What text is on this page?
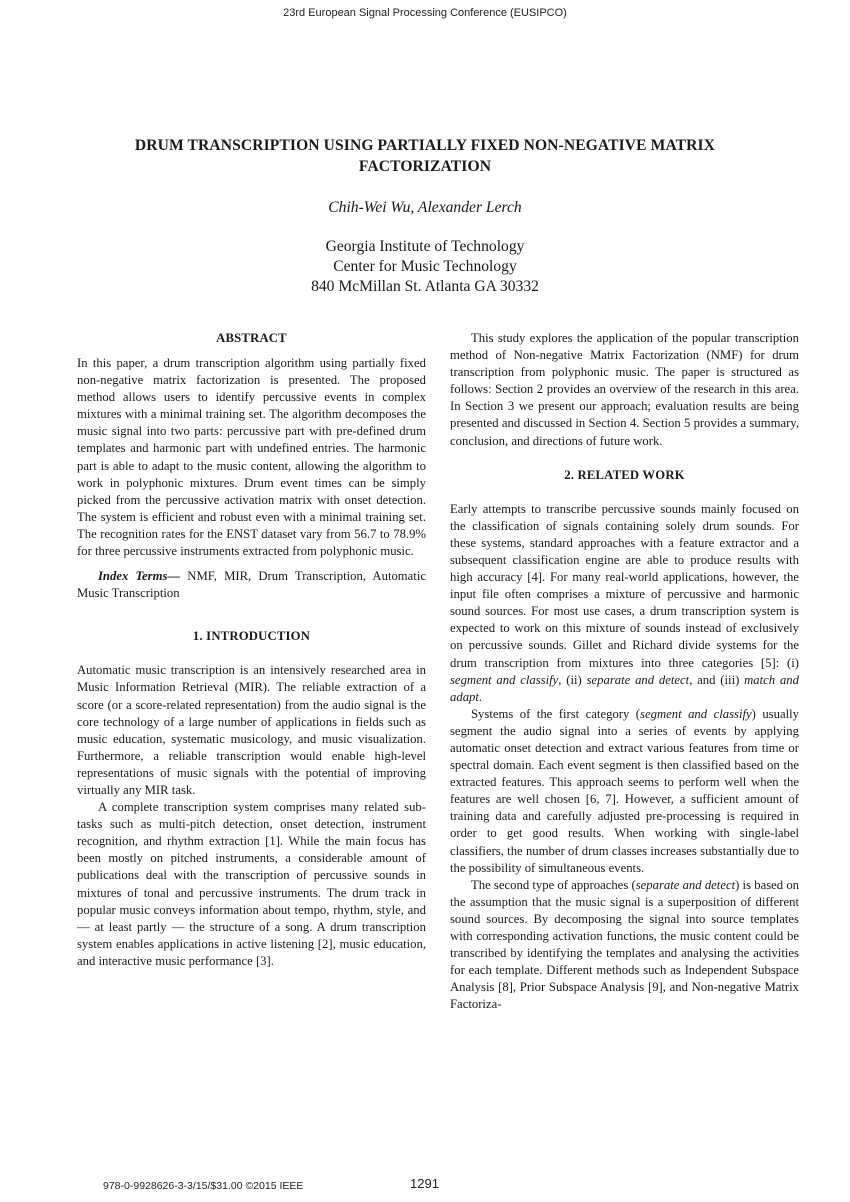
23rd European Signal Processing Conference (EUSIPCO)
DRUM TRANSCRIPTION USING PARTIALLY FIXED NON-NEGATIVE MATRIX
FACTORIZATION
Chih-Wei Wu, Alexander Lerch
Georgia Institute of Technology
Center for Music Technology
840 McMillan St. Atlanta GA 30332
ABSTRACT

In this paper, a drum transcription algorithm using partially fixed non-negative matrix factorization is presented. The proposed method allows users to identify percussive events in complex mixtures with a minimal training set. The algorithm decomposes the music signal into two parts: percussive part with pre-defined drum templates and harmonic part with undefined entries. The harmonic part is able to adapt to the music content, allowing the algorithm to work in polyphonic mixtures. Drum event times can be simply picked from the percussive activation matrix with onset detection. The system is efficient and robust even with a minimal training set. The recognition rates for the ENST dataset vary from 56.7 to 78.9% for three percussive instruments extracted from polyphonic music.

Index Terms— NMF, MIR, Drum Transcription, Automatic Music Transcription

1. INTRODUCTION

Automatic music transcription is an intensively researched area in Music Information Retrieval (MIR). The reliable extraction of a score (or a score-related representation) from the audio signal is the core technology of a large number of applications in fields such as music education, systematic musicology, and music visualization. Furthermore, a reliable transcription would enable high-level representations of music signals with the potential of improving virtually any MIR task.

A complete transcription system comprises many related sub-tasks such as multi-pitch detection, onset detection, instrument recognition, and rhythm extraction [1]. While the main focus has been mostly on pitched instruments, a considerable amount of publications deal with the transcription of percussive sounds in mixtures of tonal and percussive instruments. The drum track in popular music conveys information about tempo, rhythm, style, and — at least partly — the structure of a song. A drum transcription system enables applications in active listening [2], music education, and interactive music performance [3].

This study explores the application of the popular transcription method of Non-negative Matrix Factorization (NMF) for drum transcription from polyphonic music. The paper is structured as follows: Section 2 provides an overview of the research in this area. In Section 3 we present our approach; evaluation results are being presented and discussed in Section 4. Section 5 provides a summary, conclusion, and directions of future work.

2. RELATED WORK

Early attempts to transcribe percussive sounds mainly focused on the classification of signals containing solely drum sounds. For these systems, standard approaches with a feature extractor and a subsequent classification engine are able to produce results with high accuracy [4]. For many real-world applications, however, the input file often comprises a mixture of percussive and harmonic sound sources. For most use cases, a drum transcription system is expected to work on this mixture of sounds instead of exclusively on percussive sounds. Gillet and Richard divide systems for the drum transcription from mixtures into three categories [5]: (i) segment and classify, (ii) separate and detect, and (iii) match and adapt.

Systems of the first category (segment and classify) usually segment the audio signal into a series of events by applying automatic onset detection and extract various features from time or spectral domain. Each event segment is then classified based on the extracted features. This approach seems to perform well when the features are well chosen [6, 7]. However, a sufficient amount of training data and carefully adjusted pre-processing is required in order to get good results. When working with single-label classifiers, the number of drum classes increases substantially due to the possibility of simultaneous events.

The second type of approaches (separate and detect) is based on the assumption that the music signal is a superposition of different sound sources. By decomposing the signal into source templates with corresponding activation functions, the music content could be transcribed by identifying the templates and analysing the activities for each template. Different methods such as Independent Subspace Analysis [8], Prior Subspace Analysis [9], and Non-negative Matrix Factoriza-

978-0-9928626-3-3/15/$31.00 ©2015 IEEE	1291
